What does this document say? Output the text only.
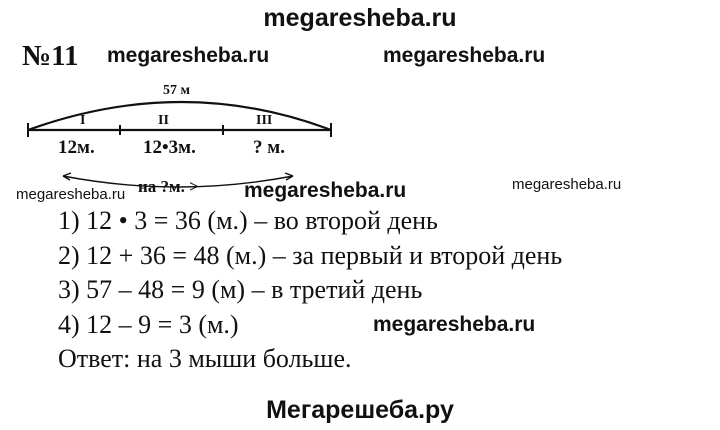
megaresheba.ru
№11 megaresheba.ru	megaresheba.ru
57 м
I	II	III
12м.	12•3м.	? м.
на ?м. >
megaresheba.ru	megaresheba.ru	megaresheba.ru
1) 12 • 3 = 36 (м.) – во второй день
2) 12 + 36 = 48 (м.) – за первый и второй день
3) 57 – 48 = 9 (м) – в третий день
4) 12 – 9 = 3 (м.)
Ответ: на 3 мыши больше.
megaresheba.ru
Мегарешеба.ру
